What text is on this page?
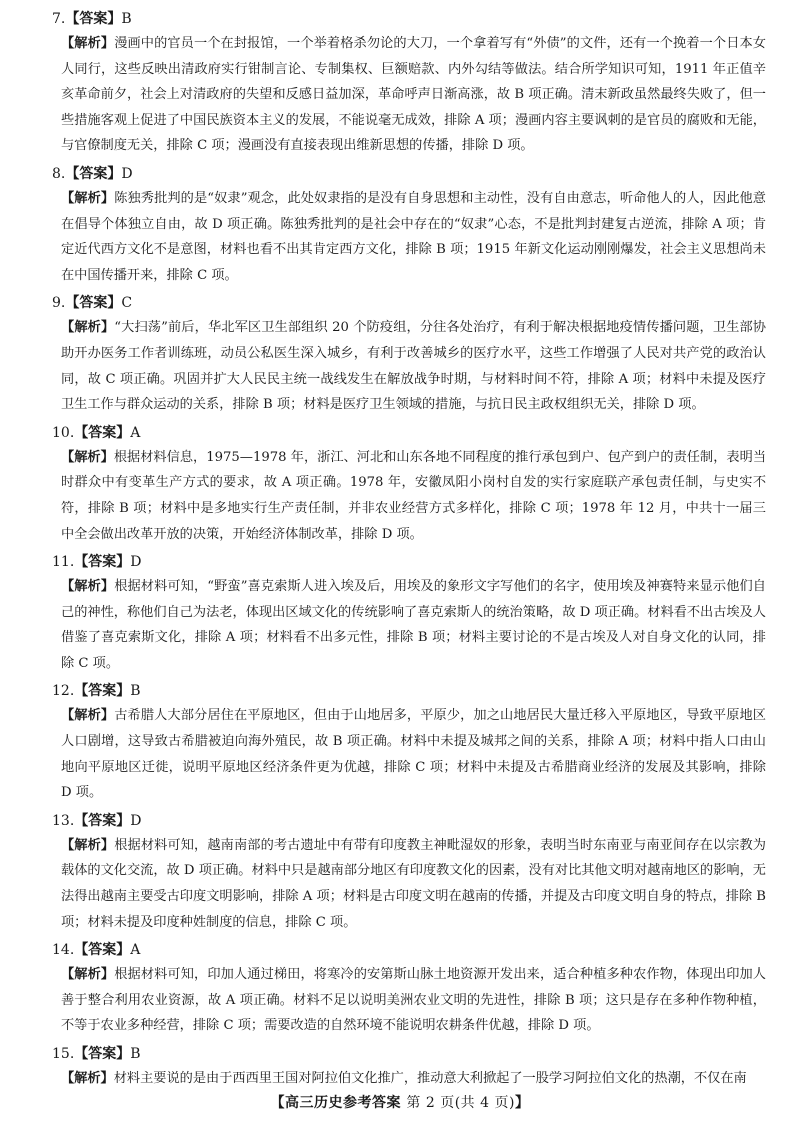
7.【答案】B
【解析】漫画中的官员一个在封报馆，一个举着格杀勿论的大刀，一个拿着写有“外债”的文件，还有一个挽着一个日本女人同行，这些反映出清政府实行钳制言论、专制集权、巨额赔款、内外勾结等做法。结合所学知识可知，1911 年正值辛亥革命前夕，社会上对清政府的失望和反感日益加深，革命呼声日渐高涨，故 B 项正确。清末新政虽然最终失败了，但一些措施客观上促进了中国民族资本主义的发展，不能说毫无成效，排除 A 项；漫画内容主要讽刺的是官员的腐败和无能，与官僚制度无关，排除 C 项；漫画没有直接表现出维新思想的传播，排除 D 项。
8.【答案】D
【解析】陈独秀批判的是“奴隶”观念，此处奴隶指的是没有自身思想和主动性，没有自由意志，听命他人的人，因此他意在倡导个体独立自由，故 D 项正确。陈独秀批判的是社会中存在的“奴隶”心态，不是批判封建复古逆流，排除 A 项；肯定近代西方文化不是意图，材料也看不出其肯定西方文化，排除 B 项；1915 年新文化运动刚刚爆发，社会主义思想尚未在中国传播开来，排除 C 项。
9.【答案】C
【解析】“大扫荡”前后，华北军区卫生部组织 20 个防疫组，分往各处治疗，有利于解决根据地疫情传播问题，卫生部协助开办医务工作者训练班，动员公私医生深入城乡，有利于改善城乡的医疗水平，这些工作增强了人民对共产党的政治认同，故 C 项正确。巩固并扩大人民民主统一战线发生在解放战争时期，与材料时间不符，排除 A 项；材料中未提及医疗卫生工作与群众运动的关系，排除 B 项；材料是医疗卫生领域的措施，与抗日民主政权组织无关，排除 D 项。
10.【答案】A
【解析】根据材料信息，1975—1978 年，浙江、河北和山东各地不同程度的推行承包到户、包产到户的责任制，表明当时群众中有变革生产方式的要求，故 A 项正确。1978 年，安徽凤阳小岗村自发的实行家庭联产承包责任制，与史实不符，排除 B 项；材料中是多地实行生产责任制，并非农业经营方式多样化，排除 C 项；1978 年 12 月，中共十一届三中全会做出改革开放的决策，开始经济体制改革，排除 D 项。
11.【答案】D
【解析】根据材料可知，“野蛮”喜克索斯人进入埃及后，用埃及的象形文字写他们的名字，使用埃及神赛特来显示他们自己的神性，称他们自己为法老，体现出区域文化的传统影响了喜克索斯人的统治策略，故 D 项正确。材料看不出古埃及人借鉴了喜克索斯文化，排除 A 项；材料看不出多元性，排除 B 项；材料主要讨论的不是古埃及人对自身文化的认同，排除 C 项。
12.【答案】B
【解析】古希腊人大部分居住在平原地区，但由于山地居多，平原少，加之山地居民大量迁移入平原地区，导致平原地区人口剧增，这导致古希腊被迫向海外殖民，故 B 项正确。材料中未提及城邦之间的关系，排除 A 项；材料中指人口由山地向平原地区迁徙，说明平原地区经济条件更为优越，排除 C 项；材料中未提及古希腊商业经济的发展及其影响，排除 D 项。
13.【答案】D
【解析】根据材料可知，越南南部的考古遗址中有带有印度教主神毗湿奴的形象，表明当时东南亚与南亚间存在以宗教为载体的文化交流，故 D 项正确。材料中只是越南部分地区有印度教文化的因素，没有对比其他文明对越南地区的影响，无法得出越南主要受古印度文明影响，排除 A 项；材料是古印度文明在越南的传播，并提及古印度文明自身的特点，排除 B 项；材料未提及印度种姓制度的信息，排除 C 项。
14.【答案】A
【解析】根据材料可知，印加人通过梯田，将寒冷的安第斯山脉土地资源开发出来，适合种植多种农作物，体现出印加人善于整合利用农业资源，故 A 项正确。材料不足以说明美洲农业文明的先进性，排除 B 项；这只是存在多种作物种植，不等于农业多种经营，排除 C 项；需要改造的自然环境不能说明农耕条件优越，排除 D 项。
15.【答案】B
【解析】材料主要说的是由于西西里王国对阿拉伯文化推广，推动意大利掀起了一股学习阿拉伯文化的热潮，不仅在南
【高三历史参考答案 第 2 页(共 4 页)】
